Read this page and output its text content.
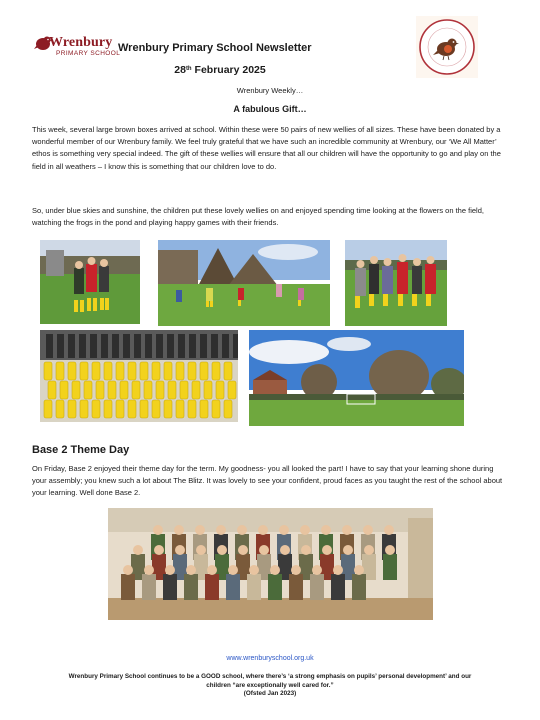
Wrenbury
PRIMARY SCHOOL
Wrenbury Primary School Newsletter
28th February 2025
Wrenbury Weekly…
A fabulous Gift…
This week, several large brown boxes arrived at school. Within these were 50 pairs of new wellies of all sizes. These have been donated by a wonderful member of our Wrenbury family. We feel truly grateful that we have such an incredible community at Wrenbury, our ‘We All Matter’ ethos is something very special indeed. The gift of these wellies will ensure that all our children will have the opportunity to go and play on the field in all weathers – I know this is something that our children love to do.
So, under blue skies and sunshine, the children put these lovely wellies on and enjoyed spending time looking at the flowers on the field, watching the frogs in the pond and playing happy games with their friends.
Base 2 Theme Day
On Friday, Base 2 enjoyed their theme day for the term. My goodness- you all looked the part! I have to say that your learning shone during your assembly; you knew such a lot about The Blitz. It was lovely to see your confident, proud faces as you taught the rest of the school about your learning. Well done Base 2.
www.wrenburyschool.org.uk
Wrenbury Primary School continues to be a GOOD school, where there’s ‘a strong emphasis on pupils’ personal development’ and our
children “are exceptionally well cared for.”
(Ofsted Jan 2023)
